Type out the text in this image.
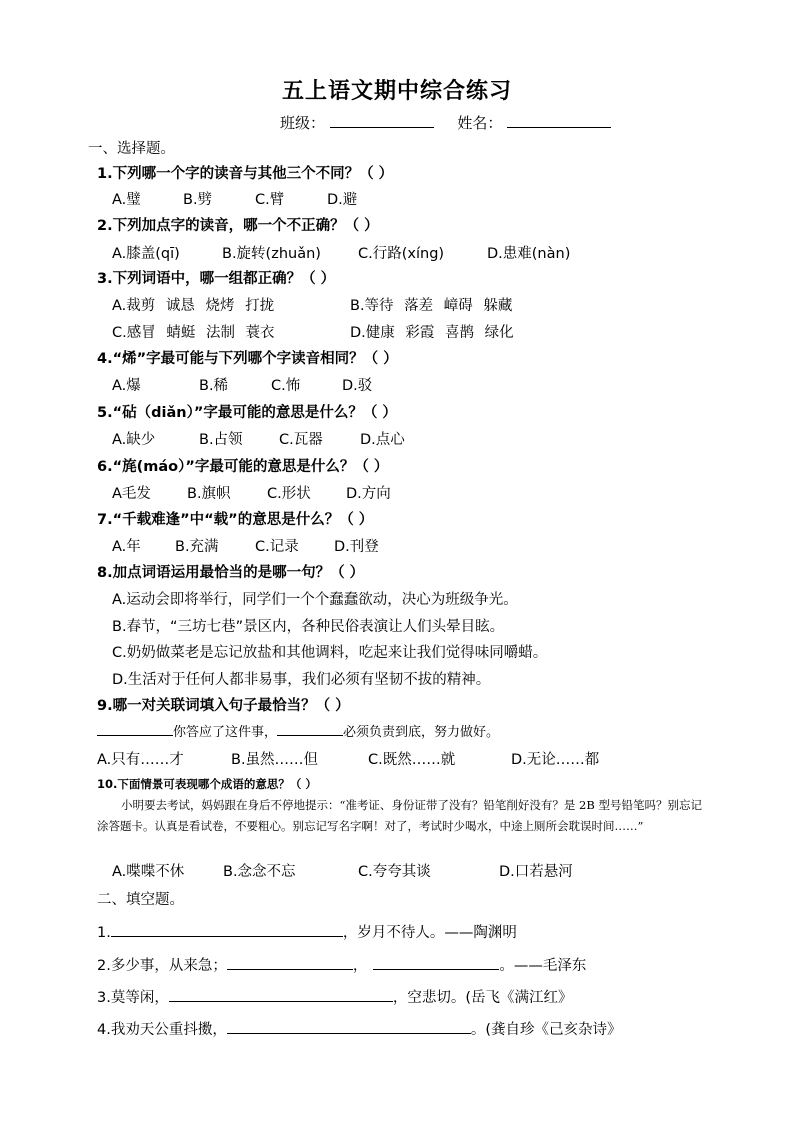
五上语文期中综合练习
班级：	姓名：
一、选择题。
1.下列哪一个字的读音与其他三个不同？（ ）
A.璧	B.劈	C.臂	D.避
2.下列加点字的读音，哪一个不正确？（ ）
A.膝盖(qī)	B.旋转(zhuǎn)	C.行路(xíng)	D.患难(nàn)
3.下列词语中，哪一组都正确？（ ）
A.裁剪 诚恳 烧烤 打拢	B.等待 落差 嶂碍 躲藏
C.感冒 蜻蜓 法制 蓑衣	D.健康 彩霞 喜鹊 绿化
4.“烯”字最可能与下列哪个字读音相同？（ ）
A.爆	B.稀	C.怖	D.驳
5.“砧（diǎn）”字最可能的意思是什么？（ ）
A.缺少	B.占领	C.瓦器	D.点心
6.“旄(máo）”字最可能的意思是什么？（ ）
A毛发 B.旗帜	C.形状 D.方向
7.“千载难逢”中“载”的意思是什么？（ ）
A.年 B.充满	C.记录 D.刊登
8.加点词语运用最恰当的是哪一句？（ ）
A.运动会即将举行，同学们一个个蠢蠢欲动，决心为班级争光。
B.春节，“三坊七巷”景区内，各种民俗表演让人们头晕目眩。
C.奶奶做菜老是忘记放盐和其他调料，吃起来让我们觉得味同嚼蜡。
D.生活对于任何人都非易事，我们必须有坚韧不拔的精神。
9.哪一对关联词填入句子最恰当？（ ）
你答应了这件事，	必须负责到底，努力做好。
A.只有……才	B.虽然……但	C.既然……就	D.无论……都
10.下面情景可表现哪个成语的意思？（ ）
小明要去考试，妈妈跟在身后不停地提示：“准考证、身份证带了没有？铅笔削好没有？是 2B 型号铅笔吗？别忘记涂答题卡。认真是看试卷，不要粗心。别忘记写名字啊！对了，考试时少喝水，中途上厕所会耽误时间……”
A.喋喋不休	B.念念不忘	C.夸夸其谈	D.口若悬河
二、填空题。
1.	，岁月不待人。——陶渊明
2.多少事，从来急；	，	。——毛泽东
3.莫等闲，	，空悲切。(岳飞《满江红》
4.我劝天公重抖擞，	。(龚自珍《己亥杂诗》
